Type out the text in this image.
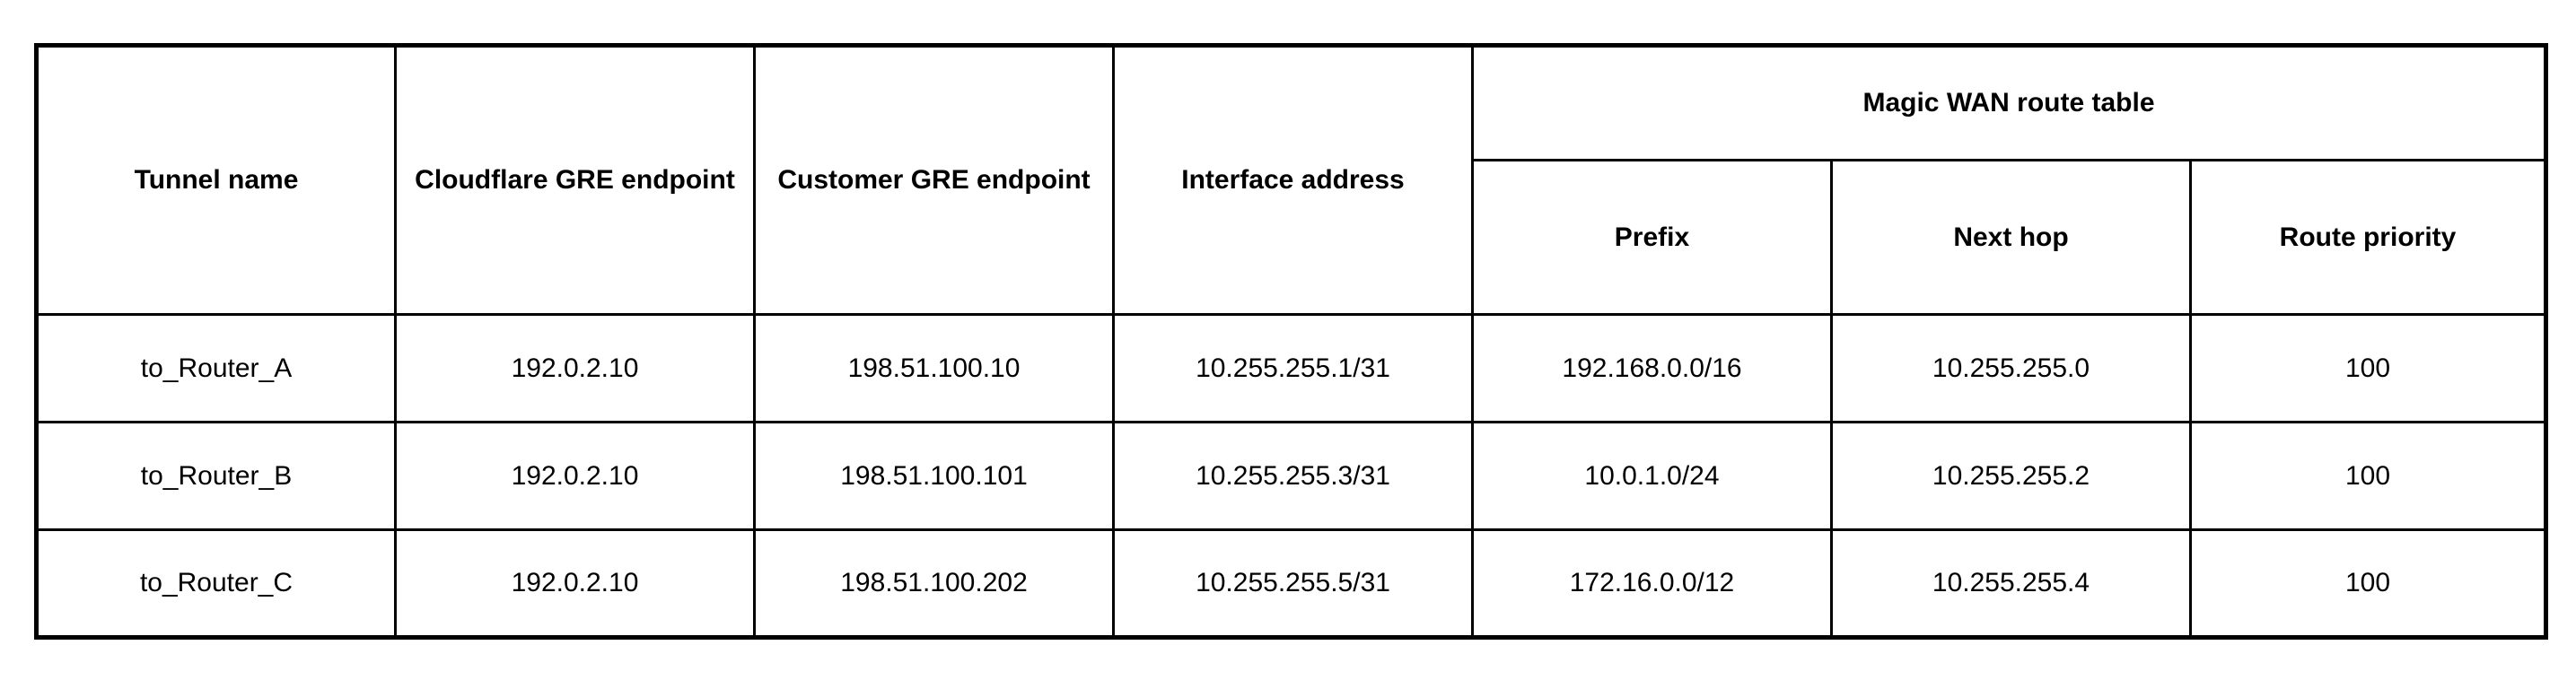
Tunnel name	Cloudflare GRE endpoint	Customer GRE endpoint	Interface address	Magic WAN route table		
				Prefix	Next hop	Route priority
to_Router_A	192.0.2.10	198.51.100.10	10.255.255.1/31	192.168.0.0/16	10.255.255.0	100
to_Router_B	192.0.2.10	198.51.100.101	10.255.255.3/31	10.0.1.0/24	10.255.255.2	100
to_Router_C	192.0.2.10	198.51.100.202	10.255.255.5/31	172.16.0.0/12	10.255.255.4	100
